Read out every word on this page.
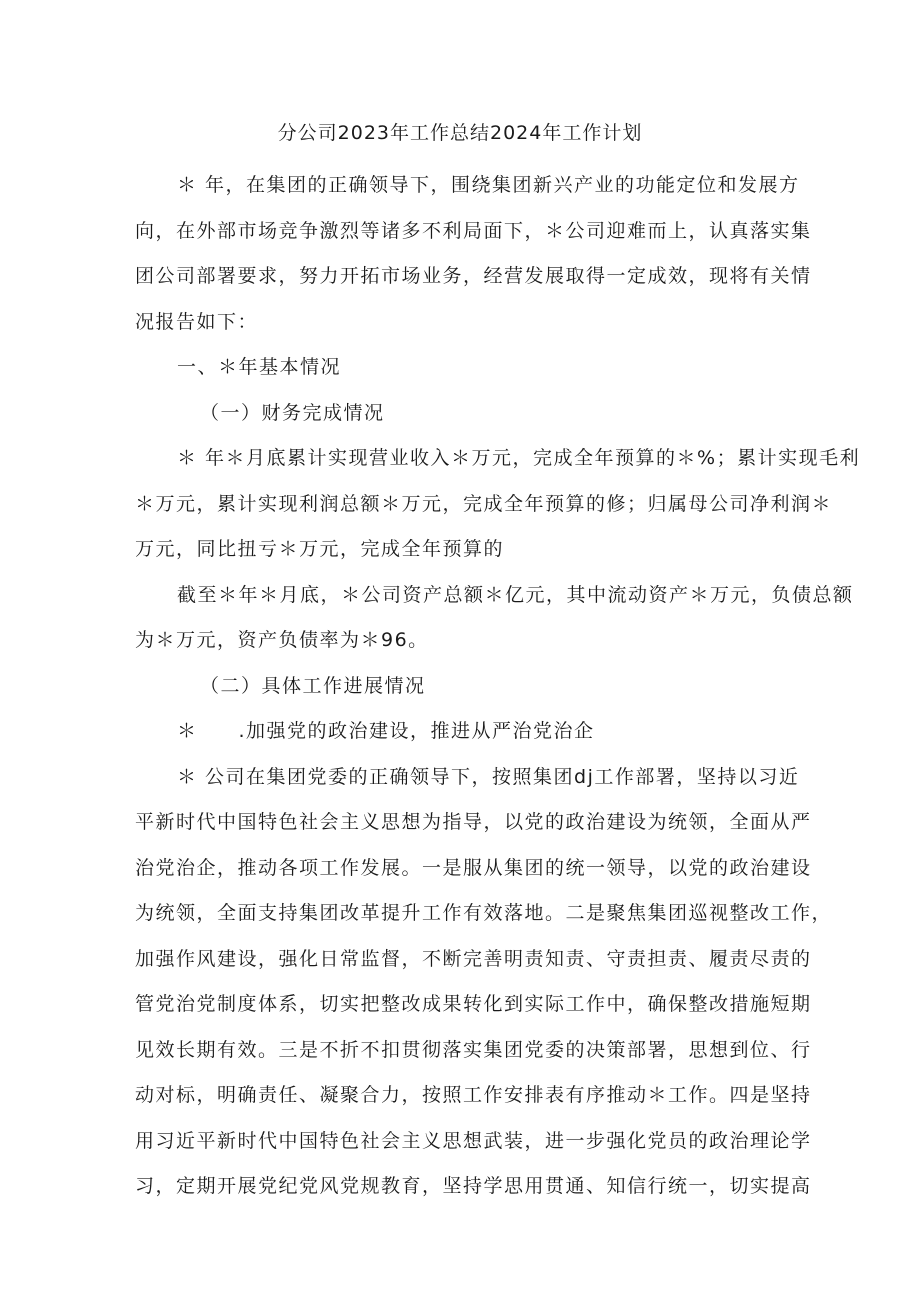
分公司2023年工作总结2024年工作计划
＊ 年，在集团的正确领导下，围绕集团新兴产业的功能定位和发展方
向，在外部市场竞争激烈等诸多不利局面下，＊公司迎难而上，认真落实集
团公司部署要求，努力开拓市场业务，经营发展取得一定成效，现将有关情
况报告如下：
一、＊年基本情况
（一）财务完成情况
＊ 年＊月底累计实现营业收入＊万元，完成全年预算的＊%；累计实现毛利
＊万元，累计实现利润总额＊万元，完成全年预算的修；归属母公司净利润＊
万元，同比扭亏＊万元，完成全年预算的
截至＊年＊月底，＊公司资产总额＊亿元，其中流动资产＊万元，负债总额
为＊万元，资产负债率为＊96。
（二）具体工作进展情况
＊　　.加强党的政治建设，推进从严治党治企
＊ 公司在集团党委的正确领导下，按照集团dj工作部署，坚持以习近
平新时代中国特色社会主义思想为指导，以党的政治建设为统领，全面从严
治党治企，推动各项工作发展。一是服从集团的统一领导，以党的政治建设
为统领，全面支持集团改革提升工作有效落地。二是聚焦集团巡视整改工作，
加强作风建设，强化日常监督，不断完善明责知责、守责担责、履责尽责的
管党治党制度体系，切实把整改成果转化到实际工作中，确保整改措施短期
见效长期有效。三是不折不扣贯彻落实集团党委的决策部署，思想到位、行
动对标，明确责任、凝聚合力，按照工作安排表有序推动＊工作。四是坚持
用习近平新时代中国特色社会主义思想武装，进一步强化党员的政治理论学
习，定期开展党纪党风党规教育，坚持学思用贯通、知信行统一，切实提高
